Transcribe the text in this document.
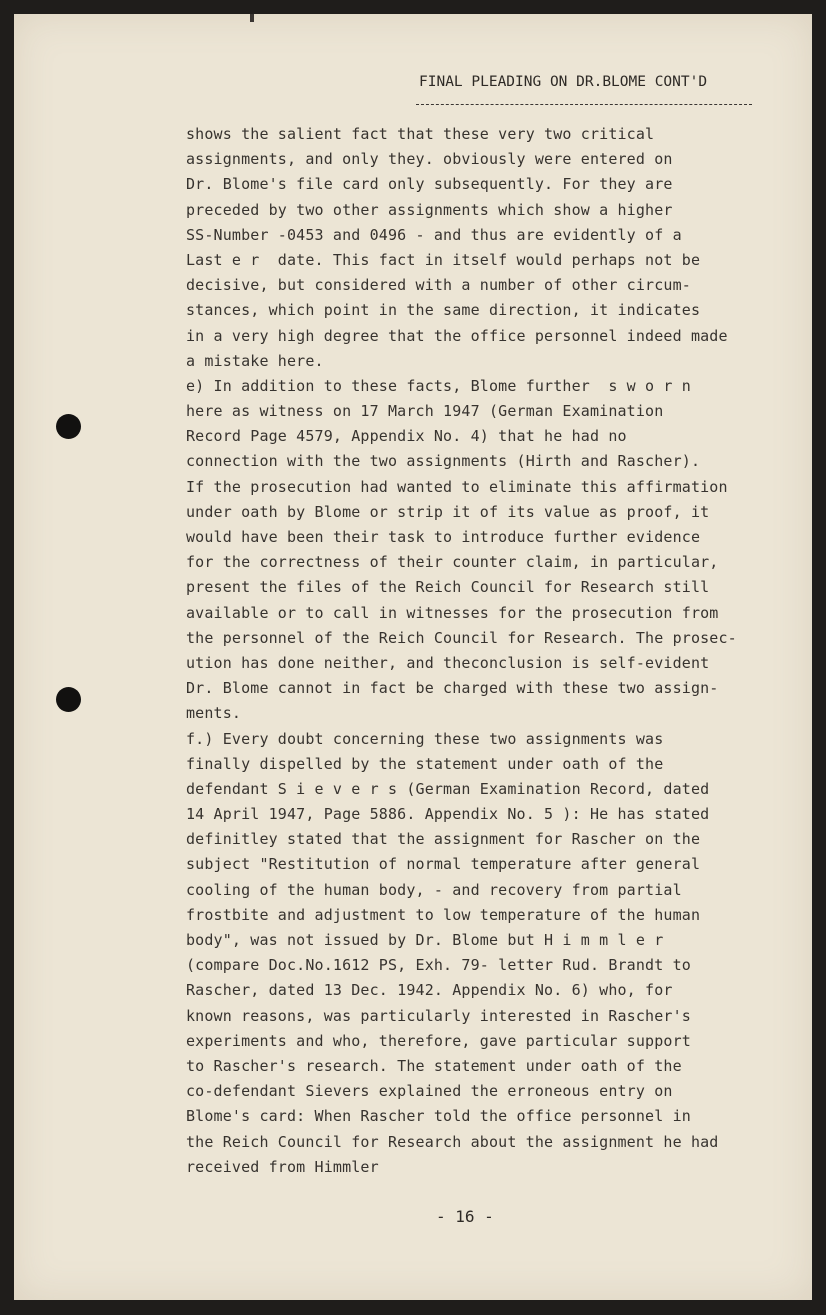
FINAL PLEADING ON DR.BLOME CONT'D
shows the salient fact that these very two critical
assignments, and only they. obviously were entered on
Dr. Blome's file card only subsequently. For they are
preceded by two other assignments which show a higher
SS-Number -0453 and 0496 - and thus are evidently of a
Last e r  date. This fact in itself would perhaps not be
decisive, but considered with a number of other circum-
stances, which point in the same direction, it indicates
in a very high degree that the office personnel indeed made
a mistake here.
e) In addition to these facts, Blome further  s w o r n
here as witness on 17 March 1947 (German Examination
Record Page 4579, Appendix No. 4) that he had no
connection with the two assignments (Hirth and Rascher).
If the prosecution had wanted to eliminate this affirmation
under oath by Blome or strip it of its value as proof, it
would have been their task to introduce further evidence
for the correctness of their counter claim, in particular,
present the files of the Reich Council for Research still
available or to call in witnesses for the prosecution from
the personnel of the Reich Council for Research. The prosec-
ution has done neither, and theconclusion is self-evident
Dr. Blome cannot in fact be charged with these two assign-
ments.
f.) Every doubt concerning these two assignments was
finally dispelled by the statement under oath of the
defendant S i e v e r s (German Examination Record, dated
14 April 1947, Page 5886. Appendix No. 5 ): He has stated
definitley stated that the assignment for Rascher on the
subject "Restitution of normal temperature after general
cooling of the human body, - and recovery from partial
frostbite and adjustment to low temperature of the human
body", was not issued by Dr. Blome but H i m m l e r
(compare Doc.No.1612 PS, Exh. 79- letter Rud. Brandt to
Rascher, dated 13 Dec. 1942. Appendix No. 6) who, for
known reasons, was particularly interested in Rascher's
experiments and who, therefore, gave particular support
to Rascher's research. The statement under oath of the
co-defendant Sievers explained the erroneous entry on
Blome's card: When Rascher told the office personnel in
the Reich Council for Research about the assignment he had
received from Himmler
- 16 -
